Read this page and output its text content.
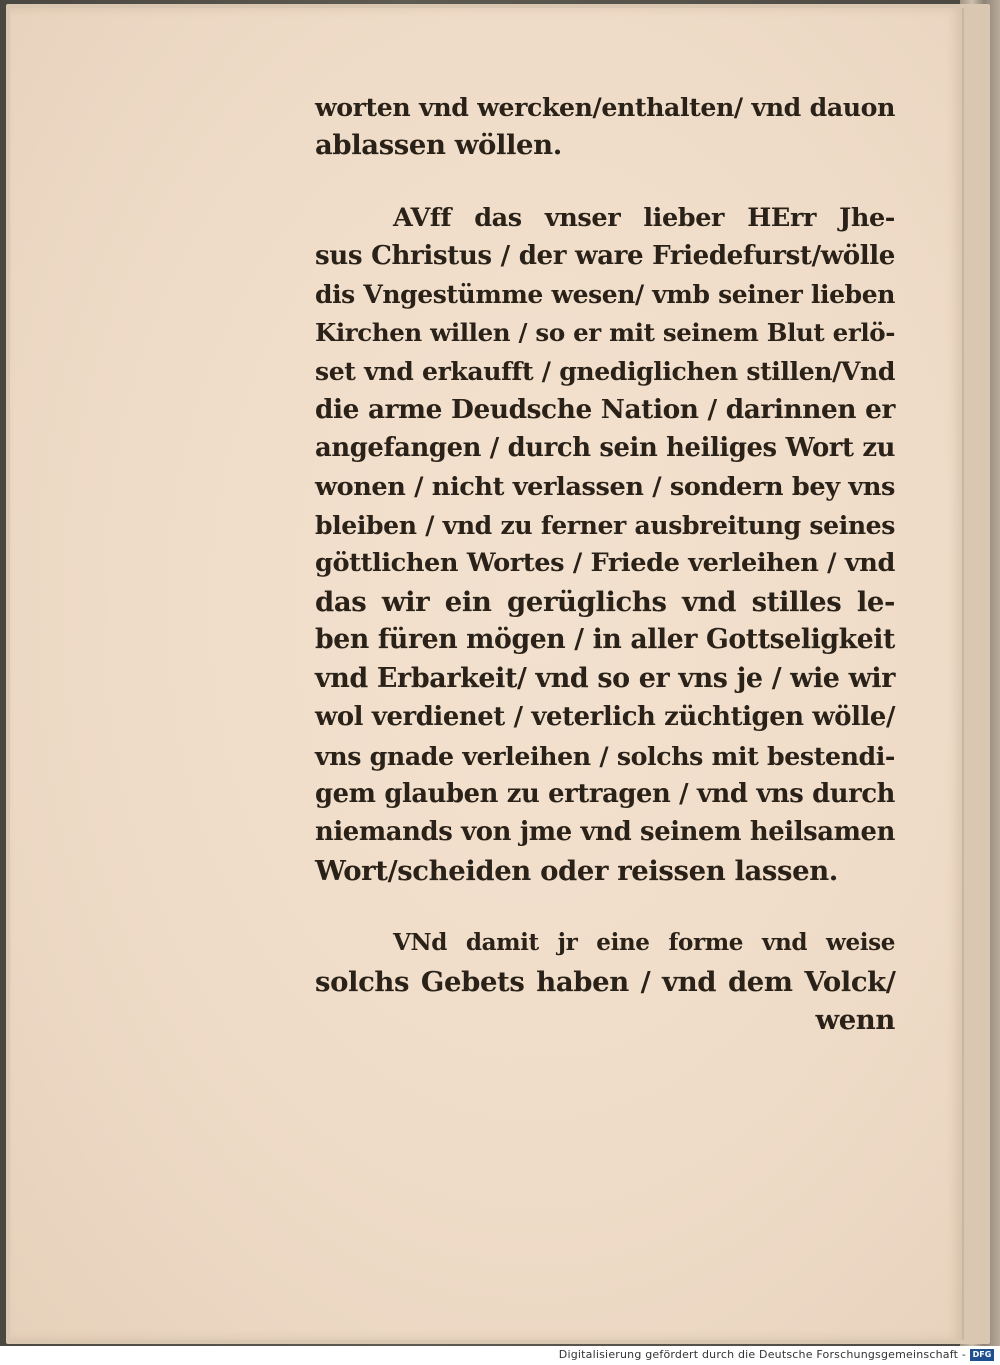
worten vnd wercken/enthalten/ vnd dauon
ablassen wöllen.
AVff das vnser lieber HErr Jhe-
sus Christus / der ware Friedefurst/wölle
dis Vngestümme wesen/ vmb seiner lieben
Kirchen willen / so er mit seinem Blut erlö-
set vnd erkaufft / gnediglichen stillen/Vnd
die arme Deudsche Nation / darinnen er
angefangen / durch sein heiliges Wort zu
wonen / nicht verlassen / sondern bey vns
bleiben / vnd zu ferner ausbreitung seines
göttlichen Wortes / Friede verleihen / vnd
das wir ein gerüglichs vnd stilles le-
ben füren mögen / in aller Gottseligkeit
vnd Erbarkeit/ vnd so er vns je / wie wir
wol verdienet / veterlich züchtigen wölle/
vns gnade verleihen / solchs mit bestendi-
gem glauben zu ertragen / vnd vns durch
niemands von jme vnd seinem heilsamen
Wort/scheiden oder reissen lassen.
VNd damit jr eine forme vnd weise
solchs Gebets haben / vnd dem Volck/
wenn
Digitalisierung gefördert durch die Deutsche Forschungsgemeinschaft - DFG
